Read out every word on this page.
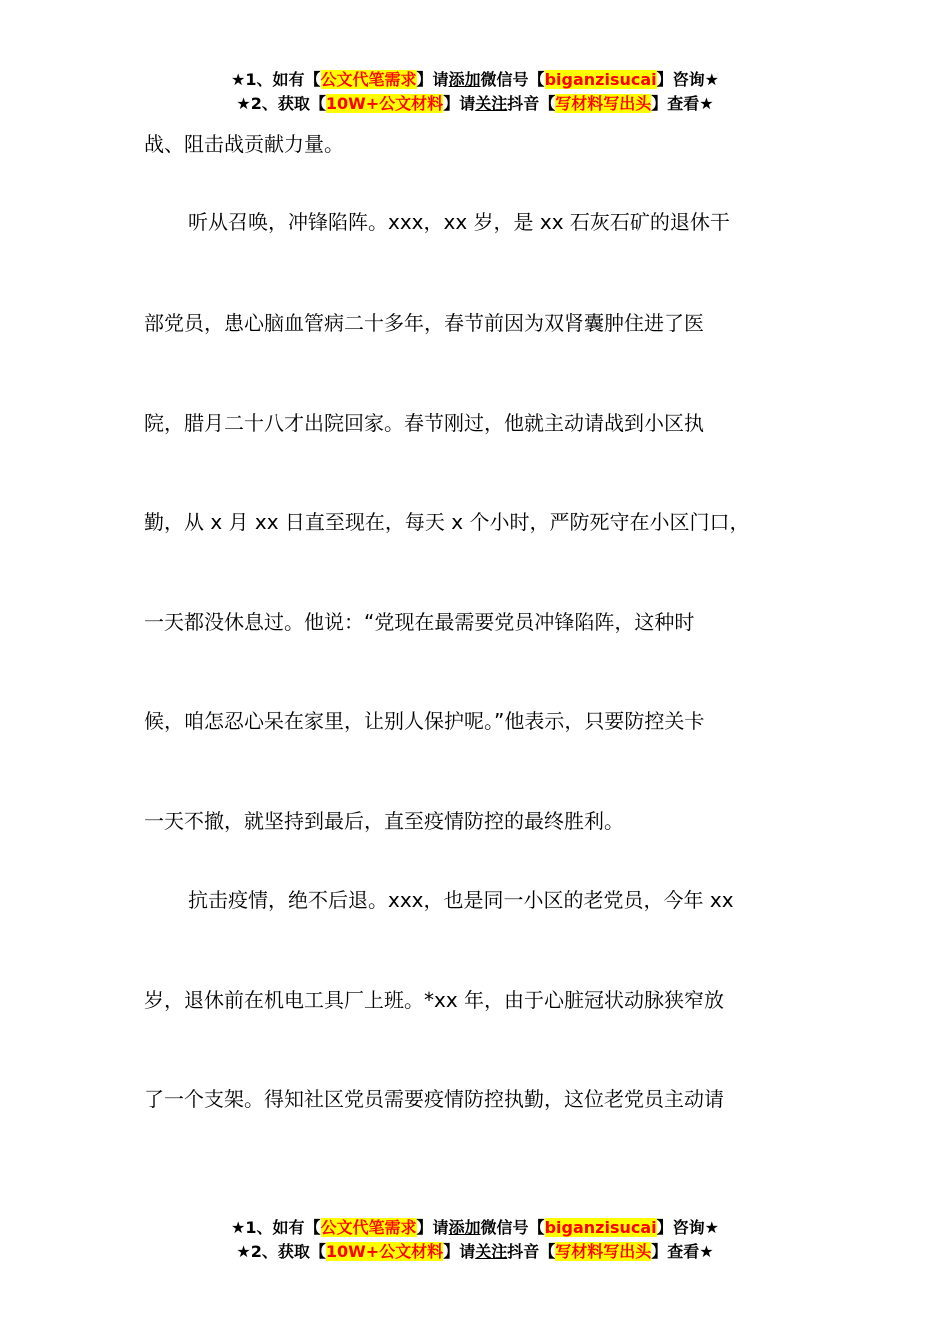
★1、如有【公文代笔需求】请添加微信号【biganzisucai】咨询★
★2、获取【10W+公文材料】请关注抖音【写材料写出头】查看★
战、阻击战贡献力量。
听从召唤，冲锋陷阵。xxx，xx 岁，是 xx 石灰石矿的退休干
部党员，患心脑血管病二十多年，春节前因为双肾囊肿住进了医
院，腊月二十八才出院回家。春节刚过，他就主动请战到小区执
勤，从 x 月 xx 日直至现在，每天 x 个小时，严防死守在小区门口，
一天都没休息过。他说：“党现在最需要党员冲锋陷阵，这种时
候，咱怎忍心呆在家里，让别人保护呢。”他表示，只要防控关卡
一天不撤，就坚持到最后，直至疫情防控的最终胜利。
抗击疫情，绝不后退。xxx，也是同一小区的老党员，今年 xx
岁，退休前在机电工具厂上班。*xx 年，由于心脏冠状动脉狭窄放
了一个支架。得知社区党员需要疫情防控执勤，这位老党员主动请
★1、如有【公文代笔需求】请添加微信号【biganzisucai】咨询★
★2、获取【10W+公文材料】请关注抖音【写材料写出头】查看★
